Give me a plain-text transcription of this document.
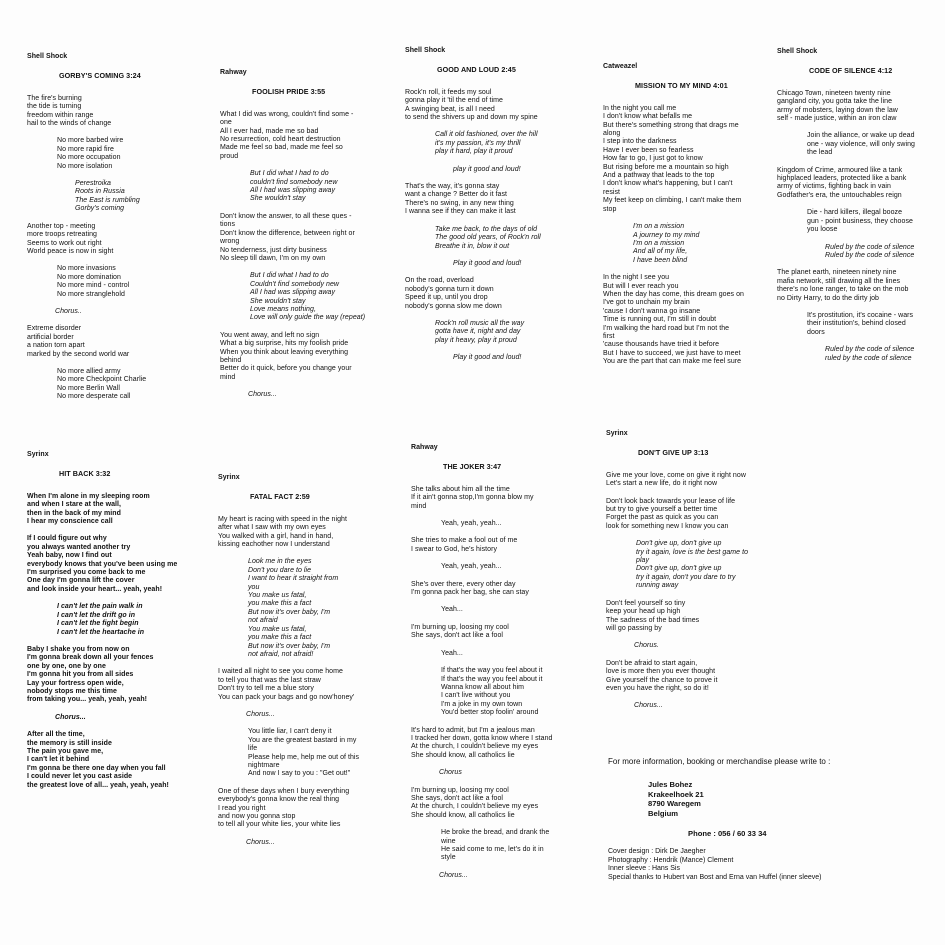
Shell Shock
GORBY'S COMING 3:24
The fire's burning
the tide is turning
freedom within range
hail to the winds of change
No more barbed wire
No more rapid fire
No more occupation
No more isolation
Perestroika
Roots in Russia
The East is rumbling
Gorby's coming
Another top - meeting
more troops retreating
Seems to work out right
World peace is now in sight
No more invasions
No more domination
No more mind - control
No more stranglehold
Chorus..
Extreme disorder
artificial border
a nation torn apart
marked by the second world war
No more allied army
No more Checkpoint Charlie
No more Berlin Wall
No more desperate call
Rahway
FOOLISH PRIDE 3:55
What I did was wrong, couldn't find some -
one
All I ever had, made me so bad
No resurrection, cold heart destruction
Made me feel so bad, made me feel so
proud
But I did what I had to do
couldn't find somebody new
All I had was slipping away
She wouldn't stay
Don't know the answer, to all these ques -
tions
Don't know the difference, between right or
wrong
No tenderness, just dirty business
No sleep till dawn, I'm on my own
But I did what I had to do
Couldn't find somebody new
All I had was slipping away
She wouldn't stay
Love means nothing,
Love will only guide the way (repeat)
You went away, and left no sign
What a big surprise, hits my foolish pride
When you think about leaving everything
behind
Better do it quick, before you change your
mind
Chorus...
Shell Shock
GOOD AND LOUD 2:45
Rock'n roll, it feeds my soul
gonna play it 'til the end of time
A swinging beat, is all I need
to send the shivers up and down my spine
Call it old fashioned, over the hill
it's my passion, it's my thrill
play it hard, play it proud
play it good and loud!
That's the way, it's gonna stay
want a change ? Better do it fast
There's no swing, in any new thing
I wanna see if they can make it last
Take me back, to the days of old
The good old years, of Rock'n roll
Breathe it in, blow it out
Play it good and loud!
On the road, overload
nobody's gonna turn it down
Speed it up, until you drop
nobody's gonna slow me down
Rock'n roll music all the way
gotta have it, night and day
play it heavy, play it proud
Play it good and loud!
Catweazel
MISSION TO MY MIND 4:01
In the night you call me
I don't know what befalls me
But there's something strong that drags me
along
I step into the darkness
Have I ever been so fearless
How far to go, I just got to know
But rising before me a mountain so high
And a pathway that leads to the top
I don't know what's happening, but I can't
resist
My feet keep on climbing, I can't make them
stop
I'm on a mission
A journey to my mind
I'm on a mission
And all of my life,
I have been blind
In the night I see you
But will I ever reach you
When the day has come, this dream goes on
I've got to unchain my brain
'cause I don't wanna go insane
Time is running out, I'm still in doubt
I'm walking the hard road but I'm not the
first
'cause thousands have tried it before
But I have to succeed, we just have to meet
You are the part that can make me feel sure
Shell Shock
CODE OF SILENCE 4:12
Chicago Town, nineteen twenty nine
gangland city, you gotta take the line
army of mobsters, laying down the law
self - made justice, within an iron claw
Join the alliance, or wake up dead
one - way violence, will only swing
the lead
Kingdom of Crime, armoured like a tank
highplaced leaders, protected like a bank
army of victims, fighting back in vain
Godfather's era, the untouchables reign
Die - hard killers, illegal booze
gun - point business, they choose
you loose
Ruled by the code of silence
Ruled by the code of silence
The planet earth, nineteen ninety nine
mafia network, still drawing all the lines
there's no lone ranger, to take on the mob
no Dirty Harry, to do the dirty job
It's prostitution, it's cocaine - wars
their institution's, behind closed
doors
Ruled by the code of silence
ruled by the code of silence
Syrinx
HIT BACK 3:32
When I'm alone in my sleeping room
and when I stare at the wall,
then in the back of my mind
I hear my conscience call
If I could figure out why
you always wanted another try
Yeah baby, now I find out
everybody knows that you've been using me
I'm surprised you come back to me
One day I'm gonna lift the cover
and look inside your heart... yeah, yeah!
I can't let the pain walk in
I can't let the drift go in
I can't let the fight begin
I can't let the heartache in
Baby I shake you from now on
I'm gonna break down all your fences
one by one, one by one
I'm gonna hit you from all sides
Lay your fortress open wide,
nobody stops me this time
from taking you... yeah, yeah, yeah!
Chorus...
After all the time,
the memory is still inside
The pain you gave me,
I can't let it behind
I'm gonna be there one day when you fall
I could never let you cast aside
the greatest love of all... yeah, yeah, yeah!
Syrinx
FATAL FACT 2:59
My heart is racing with speed in the night
after what I saw with my own eyes
You walked with a girl, hand in hand,
kissing eachother now I understand
Look me in the eyes
Don't you dare to lie
I want to hear it straight from
you
You make us fatal,
you make this a fact
But now it's over baby, I'm
not afraid
You make us fatal,
you make this a fact
But now it's over baby, I'm
not afraid, not afraid!
I waited all night to see you come home
to tell you that was the last straw
Don't try to tell me a blue story
You can pack your bags and go now'honey'
Chorus...
You little liar, I can't deny it
You are the greatest bastard in my
life
Please help me, help me out of this
nightmare
And now I say to you : "Get out!"
One of these days when I bury everything
everybody's gonna know the real thing
I read you right
and now you gonna stop
to tell all your white lies, your white lies
Chorus...
Rahway
THE JOKER 3:47
She talks about him all the time
If it ain't gonna stop,I'm gonna blow my
mind
Yeah, yeah, yeah...
She tries to make a fool out of me
I swear to God, he's history
Yeah, yeah, yeah...
She's over there, every other day
I'm gonna pack her bag, she can stay
Yeah...
I'm burning up, loosing my cool
She says, don't act like a fool
Yeah...
If that's the way you feel about it
If that's the way you feel about it
Wanna know all about him
I can't live without you
I'm a joke in my own town
You'd better stop foolin' around
It's hard to admit, but I'm a jealous man
I tracked her down, gotta know where I stand
At the church, I couldn't believe my eyes
She should know, all catholics lie
Chorus
I'm burning up, loosing my cool
She says, don't act like a fool
At the church, I couldn't believe my eyes
She should know, all catholics lie
He broke the bread, and drank the
wine
He said come to me, let's do it in
style
Chorus...
Syrinx
DON'T GIVE UP 3:13
Give me your love, come on give it right now
Let's start a new life, do it right now
Don't look back towards your lease of life
but try to give yourself a better time
Forget the past as quick as you can
look for something new I know you can
Don't give up, don't give up
try it again, love is the best game to
play
Don't give up, don't give up
try it again, don't you dare to try
running away
Don't feel yourself so tiny
keep your head up high
The sadness of the bad times
will go passing by
Chorus.
Don't be afraid to start again,
love is more then you ever thought
Give yourself the chance to prove it
even you have the right, so do it!
Chorus...
For more information, booking or merchandise please write to :
Jules Bohez
Krakeelhoek 21
8790 Waregem
Belgium
Phone : 056 / 60 33 34
Cover design : Dirk De Jaegher
Photography : Hendrik (Mance) Clement
Inner sleeve : Hans Sis
Special thanks to Hubert van Bost and Erna van Huffel (inner sleeve)
